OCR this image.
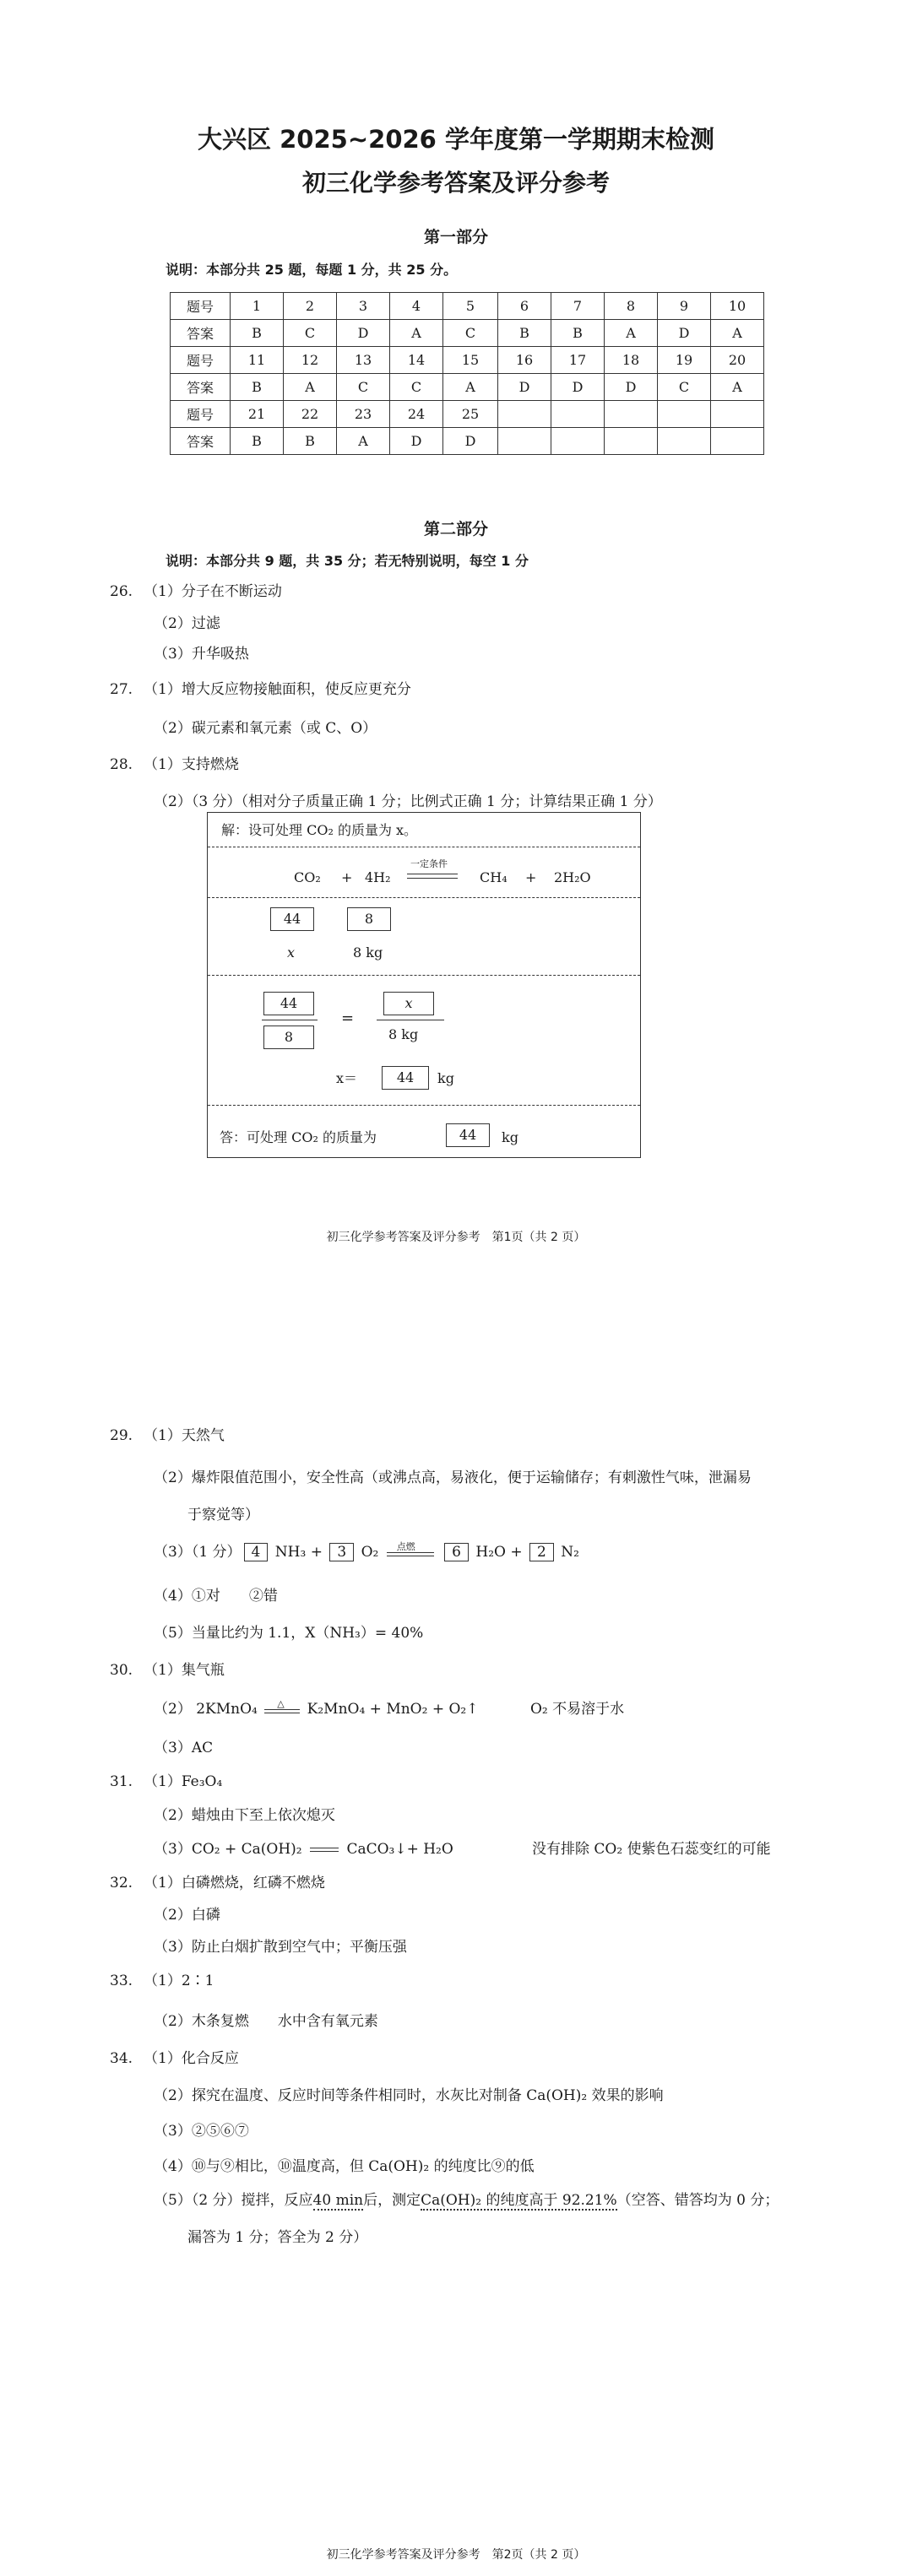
大兴区 2025~2026 学年度第一学期期末检测
初三化学参考答案及评分参考
第一部分
说明：本部分共 25 题，每题 1 分，共 25 分。
题号	1	2	3	4	5	6	7	8	9	10
答案	B	C	D	A	C	B	B	A	D	A
题号	11	12	13	14	15	16	17	18	19	20
答案	B	A	C	C	A	D	D	D	C	A
题号	21	22	23	24	25					
答案	B	B	A	D	D					
第二部分
说明：本部分共 9 题，共 35 分；若无特别说明，每空 1 分
26. （1）分子在不断运动
（2）过滤
（3）升华吸热
27. （1）增大反应物接触面积，使反应更充分
（2）碳元素和氧元素（或 C、O）
28. （1）支持燃烧
（2）（3 分）（相对分子质量正确 1 分；比例式正确 1 分；计算结果正确 1 分）
解：设可处理 CO₂ 的质量为 x。
CO₂ + 4H₂
一定条件
CH₄ + 2H₂O
44	8
x	8 kg
44
8
=
x
8 kg
x＝	44	kg
答：可处理 CO₂ 的质量为	44	kg
初三化学参考答案及评分参考　第1页（共 2 页）
29. （1）天然气
（2）爆炸限值范围小，安全性高（或沸点高，易液化，便于运输储存；有刺激性气味，泄漏易
于察觉等）
（3）（1 分） 4 NH₃ + 3 O₂ 点燃	6 H₂O + 2 N₂
（4）①对　　②错
（5）当量比约为 1.1，X（NH₃）= 40%
30. （1）集气瓶
（2） 2KMnO₄ △ K₂MnO₄ + MnO₂ + O₂↑	O₂ 不易溶于水
（3）AC
31. （1）Fe₃O₄
（2）蜡烛由下至上依次熄灭
（3）CO₂ + Ca(OH)₂	CaCO₃↓+ H₂O	没有排除 CO₂ 使紫色石蕊变红的可能
32. （1）白磷燃烧，红磷不燃烧
（2）白磷
（3）防止白烟扩散到空气中；平衡压强
33. （1）2∶1
（2）木条复燃　　水中含有氧元素
34. （1）化合反应
（2）探究在温度、反应时间等条件相同时，水灰比对制备 Ca(OH)₂ 效果的影响
（3）②⑤⑥⑦
（4）⑩与⑨相比，⑩温度高，但 Ca(OH)₂ 的纯度比⑨的低
（5）（2 分）搅拌，反应40 min后，测定Ca(OH)₂ 的纯度高于 92.21%（空答、错答均为 0 分；
漏答为 1 分；答全为 2 分）
初三化学参考答案及评分参考　第2页（共 2 页）
